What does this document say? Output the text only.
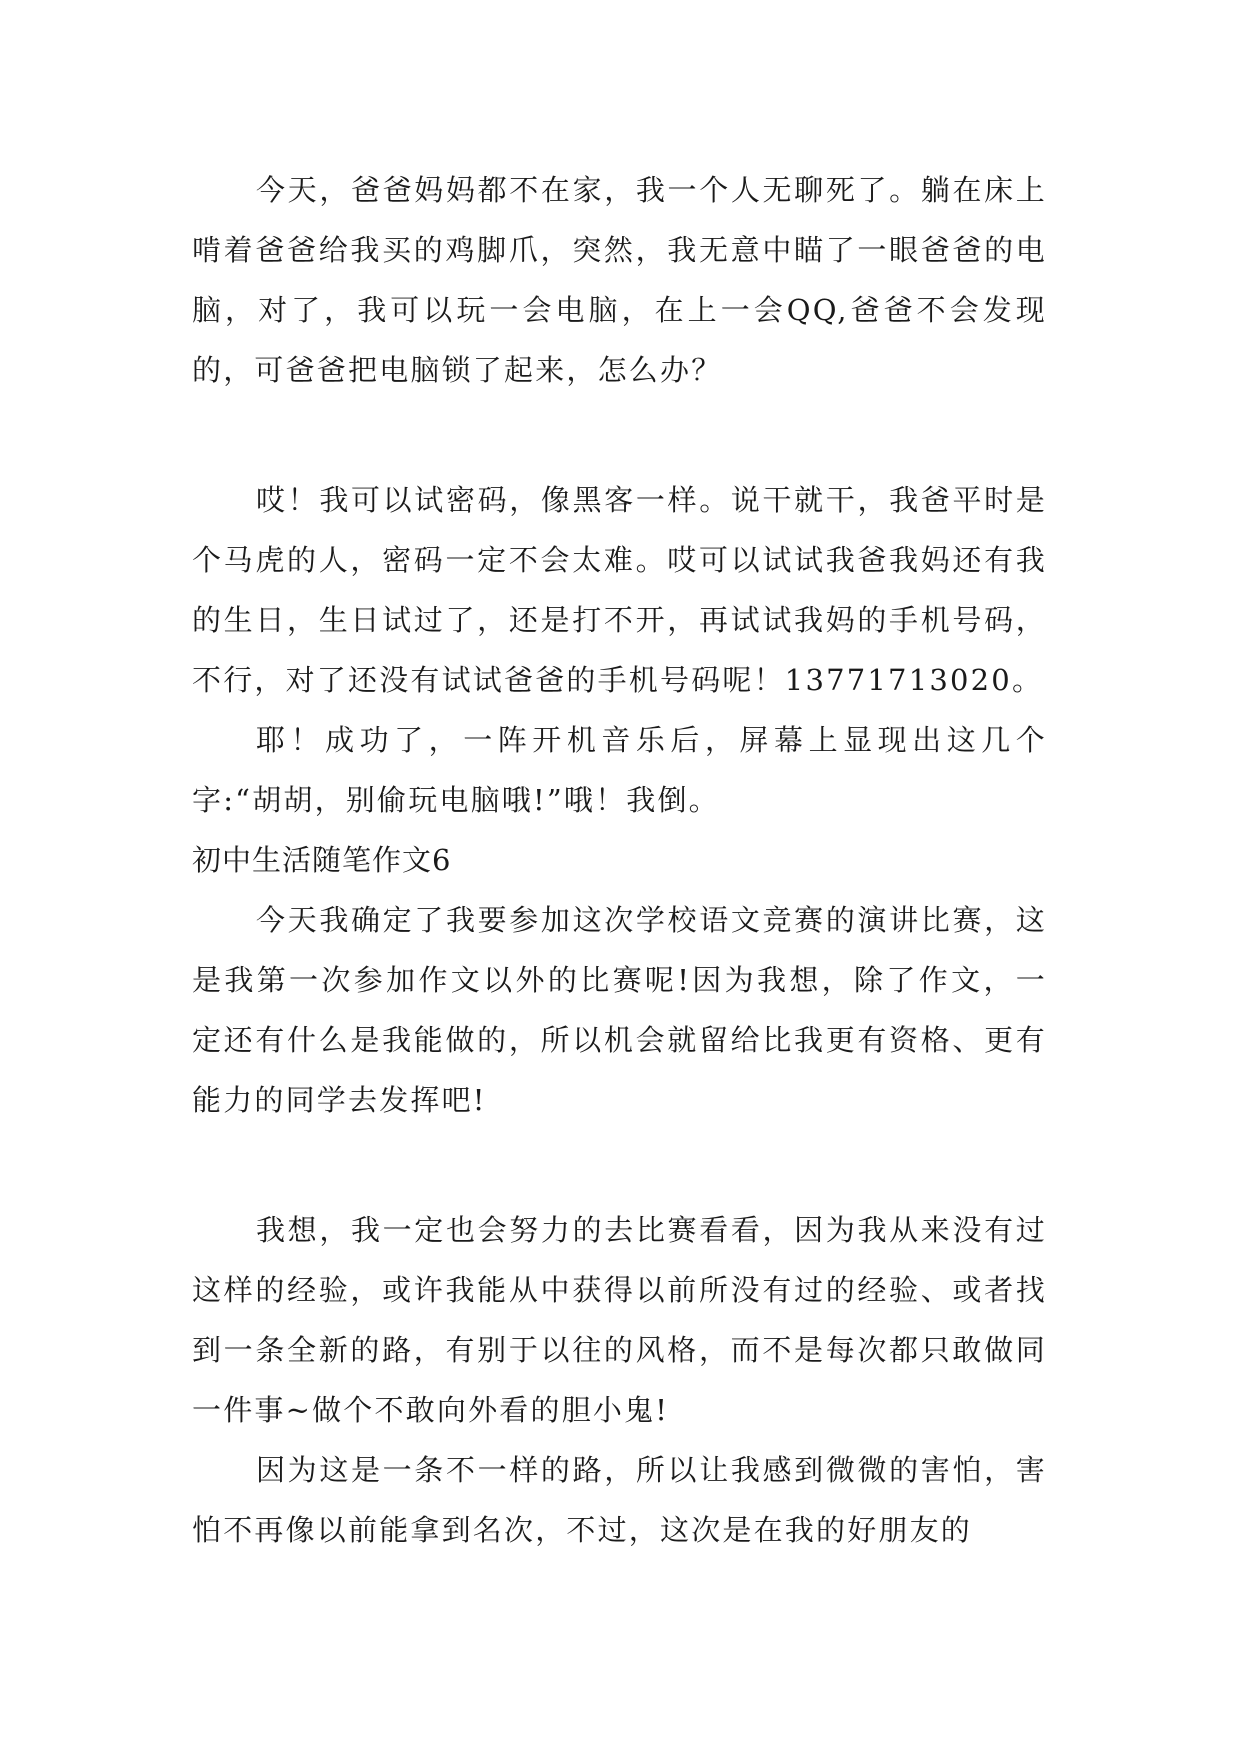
今天，爸爸妈妈都不在家，我一个人无聊死了。躺在床上啃着爸爸给我买的鸡脚爪，突然，我无意中瞄了一眼爸爸的电脑，对了，我可以玩一会电脑，在上一会QQ,爸爸不会发现的，可爸爸把电脑锁了起来，怎么办？

哎！我可以试密码，像黑客一样。说干就干，我爸平时是个马虎的人，密码一定不会太难。哎可以试试我爸我妈还有我的生日，生日试过了，还是打不开，再试试我妈的手机号码，不行，对了还没有试试爸爸的手机号码呢！13771713020。

耶！成功了，一阵开机音乐后，屏幕上显现出这几个字:“胡胡，别偷玩电脑哦!”哦！我倒。

初中生活随笔作文6

今天我确定了我要参加这次学校语文竞赛的演讲比赛，这是我第一次参加作文以外的比赛呢!因为我想，除了作文，一定还有什么是我能做的，所以机会就留给比我更有资格、更有能力的同学去发挥吧!

我想，我一定也会努力的去比赛看看，因为我从来没有过这样的经验，或许我能从中获得以前所没有过的经验、或者找到一条全新的路，有别于以往的风格，而不是每次都只敢做同一件事~做个不敢向外看的胆小鬼!

因为这是一条不一样的路，所以让我感到微微的害怕，害怕不再像以前能拿到名次，不过，这次是在我的好朋友的
